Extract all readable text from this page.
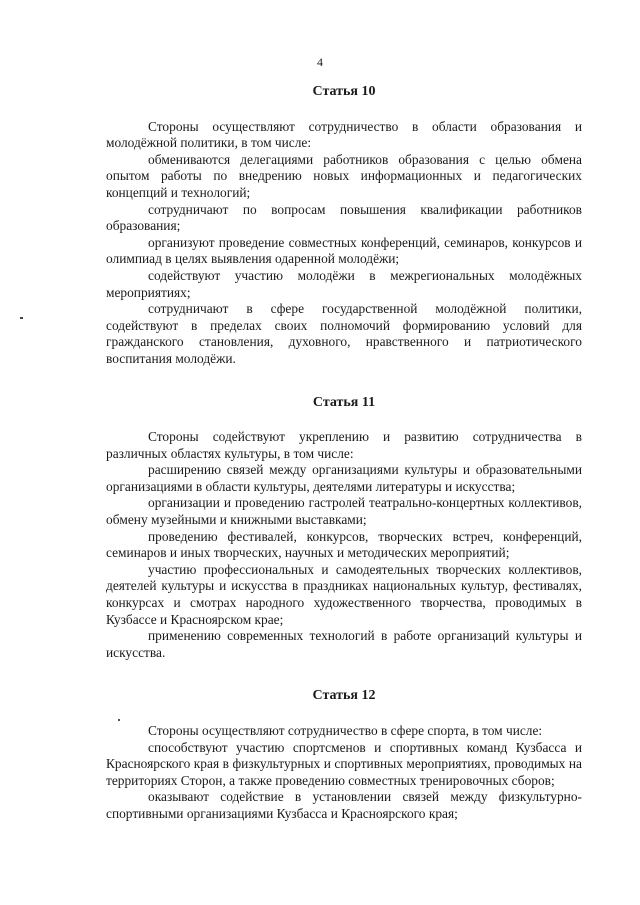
4
Статья 10

Стороны осуществляют сотрудничество в области образования и молодёжной политики, в том числе:

обмениваются делегациями работников образования с целью обмена опытом работы по внедрению новых информационных и педагогических концепций и технологий;

сотрудничают по вопросам повышения квалификации работников образования;

организуют проведение совместных конференций, семинаров, конкурсов и олимпиад в целях выявления одаренной молодёжи;

содействуют участию молодёжи в межрегиональных молодёжных мероприятиях;

сотрудничают в сфере государственной молодёжной политики, содействуют в пределах своих полномочий формированию условий для гражданского становления, духовного, нравственного и патриотического воспитания молодёжи.

Статья 11

Стороны содействуют укреплению и развитию сотрудничества в различных областях культуры, в том числе:

расширению связей между организациями культуры и образовательными организациями в области культуры, деятелями литературы и искусства;

организации и проведению гастролей театрально-концертных коллективов, обмену музейными и книжными выставками;

проведению фестивалей, конкурсов, творческих встреч, конференций, семинаров и иных творческих, научных и методических мероприятий;

участию профессиональных и самодеятельных творческих коллективов, деятелей культуры и искусства в праздниках национальных культур, фестивалях, конкурсах и смотрах народного художественного творчества, проводимых в Кузбассе и Красноярском крае;

применению современных технологий в работе организаций культуры и искусства.

Статья 12

Стороны осуществляют сотрудничество в сфере спорта, в том числе:

способствуют участию спортсменов и спортивных команд Кузбасса и Красноярского края в физкультурных и спортивных мероприятиях, проводимых на территориях Сторон, а также проведению совместных тренировочных сборов;

оказывают содействие в установлении связей между физкультурно-спортивными организациями Кузбасса и Красноярского края;
